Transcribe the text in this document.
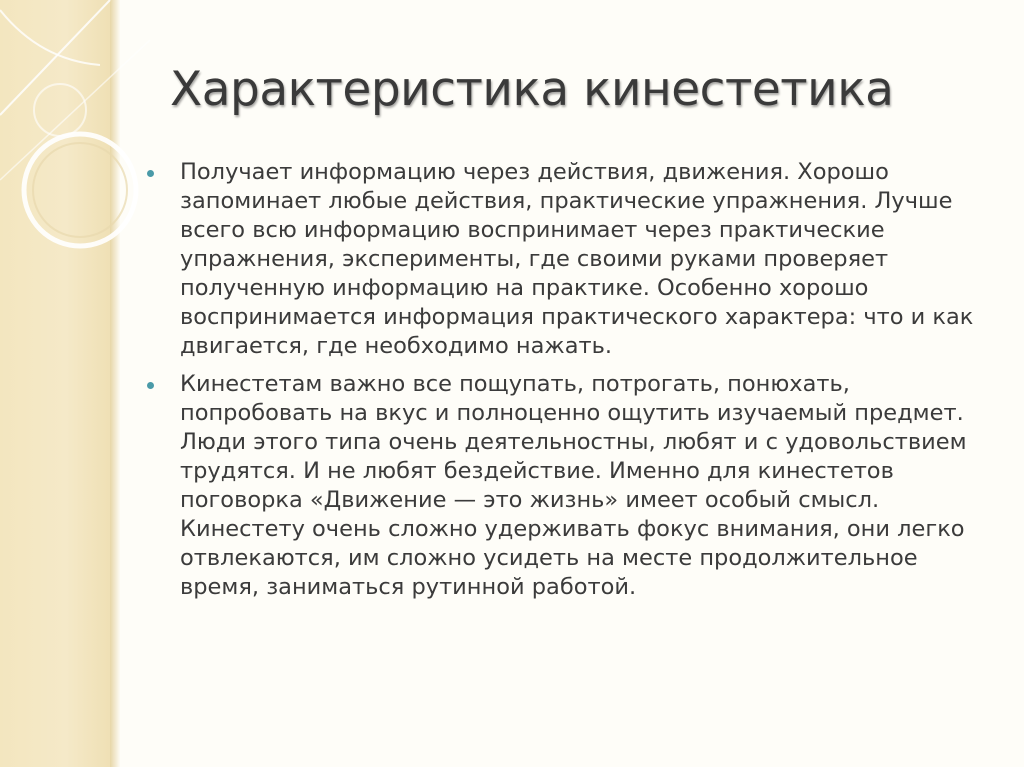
Характеристика кинестетика
Получает информацию через действия, движения. Хорошо запоминает любые действия, практические упражнения. Лучше всего всю информацию воспринимает через практические упражнения, эксперименты, где своими руками проверяет полученную информацию на практике. Особенно хорошо воспринимается информация практического характера: что и как двигается, где необходимо нажать.
Кинестетам важно все пощупать, потрогать, понюхать, попробовать на вкус и полноценно ощутить изучаемый предмет. Люди этого типа очень деятельностны, любят и с удовольствием трудятся. И не любят бездействие. Именно для кинестетов поговорка «Движение — это жизнь» имеет особый смысл. Кинестету очень сложно удерживать фокус внимания, они легко отвлекаются, им сложно усидеть на месте продолжительное время, заниматься рутинной работой.
